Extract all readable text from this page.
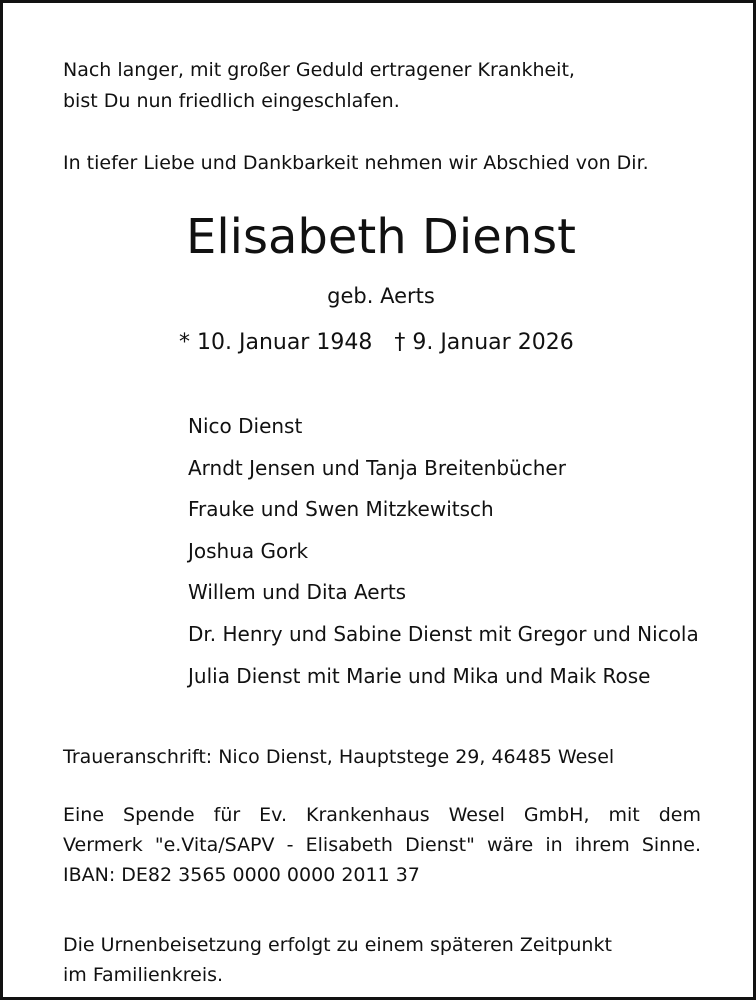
Nach langer, mit großer Geduld ertragener Krankheit,
bist Du nun friedlich eingeschlafen.
In tiefer Liebe und Dankbarkeit nehmen wir Abschied von Dir.
Elisabeth Dienst
geb. Aerts
* 10. Januar 1948 † 9. Januar 2026
Nico Dienst
Arndt Jensen und Tanja Breitenbücher
Frauke und Swen Mitzkewitsch
Joshua Gork
Willem und Dita Aerts
Dr. Henry und Sabine Dienst mit Gregor und Nicola
Julia Dienst mit Marie und Mika und Maik Rose
Traueranschrift: Nico Dienst, Hauptstege 29, 46485 Wesel
Eine Spende für Ev. Krankenhaus Wesel GmbH, mit dem
Vermerk "e.Vita/SAPV - Elisabeth Dienst" wäre in ihrem Sinne.
IBAN: DE82 3565 0000 0000 2011 37
Die Urnenbeisetzung erfolgt zu einem späteren Zeitpunkt
im Familienkreis.
